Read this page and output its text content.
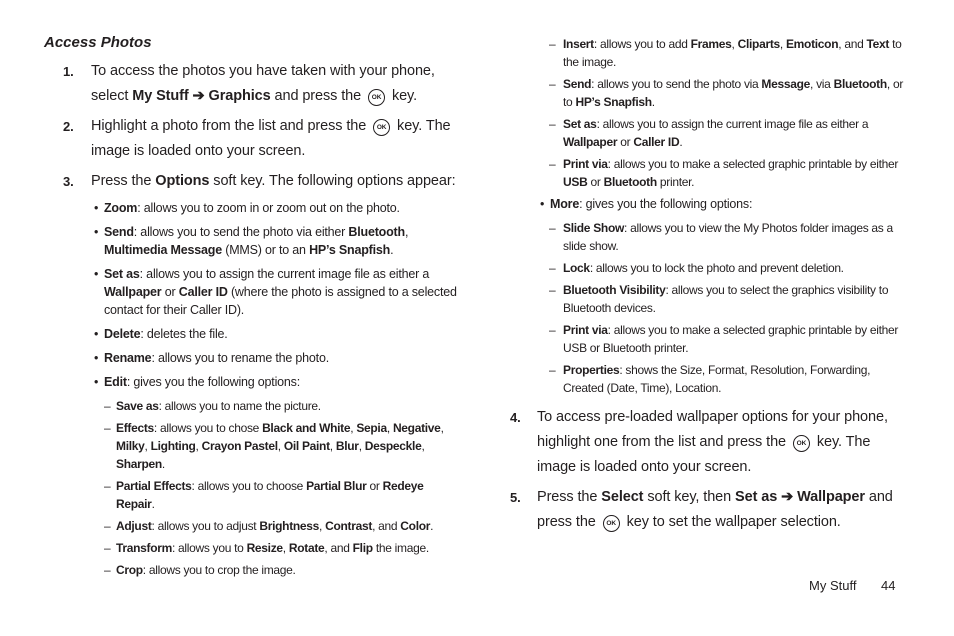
Access Photos
1. To access the photos you have taken with your phone, select My Stuff ➔ Graphics and press the OK key.
2. Highlight a photo from the list and press the OK key. The image is loaded onto your screen.
3. Press the Options soft key. The following options appear:
• Zoom: allows you to zoom in or zoom out on the photo.
• Send: allows you to send the photo via either Bluetooth, Multimedia Message (MMS) or to an HP’s Snapfish.
• Set as: allows you to assign the current image file as either a Wallpaper or Caller ID (where the photo is assigned to a selected contact for their Caller ID).
• Delete: deletes the file.
• Rename: allows you to rename the photo.
• Edit: gives you the following options:
– Save as: allows you to name the picture.
– Effects: allows you to chose Black and White, Sepia, Negative, Milky, Lighting, Crayon Pastel, Oil Paint, Blur, Despeckle, Sharpen.
– Partial Effects: allows you to choose Partial Blur or Redeye Repair.
– Adjust: allows you to adjust Brightness, Contrast, and Color.
– Transform: allows you to Resize, Rotate, and Flip the image.
– Crop: allows you to crop the image.
– Insert: allows you to add Frames, Cliparts, Emoticon, and Text to the image.
– Send: allows you to send the photo via Message, via Bluetooth, or to HP’s Snapfish.
– Set as: allows you to assign the current image file as either a Wallpaper or Caller ID.
– Print via: allows you to make a selected graphic printable by either USB or Bluetooth printer.
• More: gives you the following options:
– Slide Show: allows you to view the My Photos folder images as a slide show.
– Lock: allows you to lock the photo and prevent deletion.
– Bluetooth Visibility: allows you to select the graphics visibility to Bluetooth devices.
– Print via: allows you to make a selected graphic printable by either USB or Bluetooth printer.
– Properties: shows the Size, Format, Resolution, Forwarding, Created (Date, Time), Location.
4. To access pre-loaded wallpaper options for your phone, highlight one from the list and press the OK key. The image is loaded onto your screen.
5. Press the Select soft key, then Set as ➔ Wallpaper and press the OK key to set the wallpaper selection.
My Stuff 44
